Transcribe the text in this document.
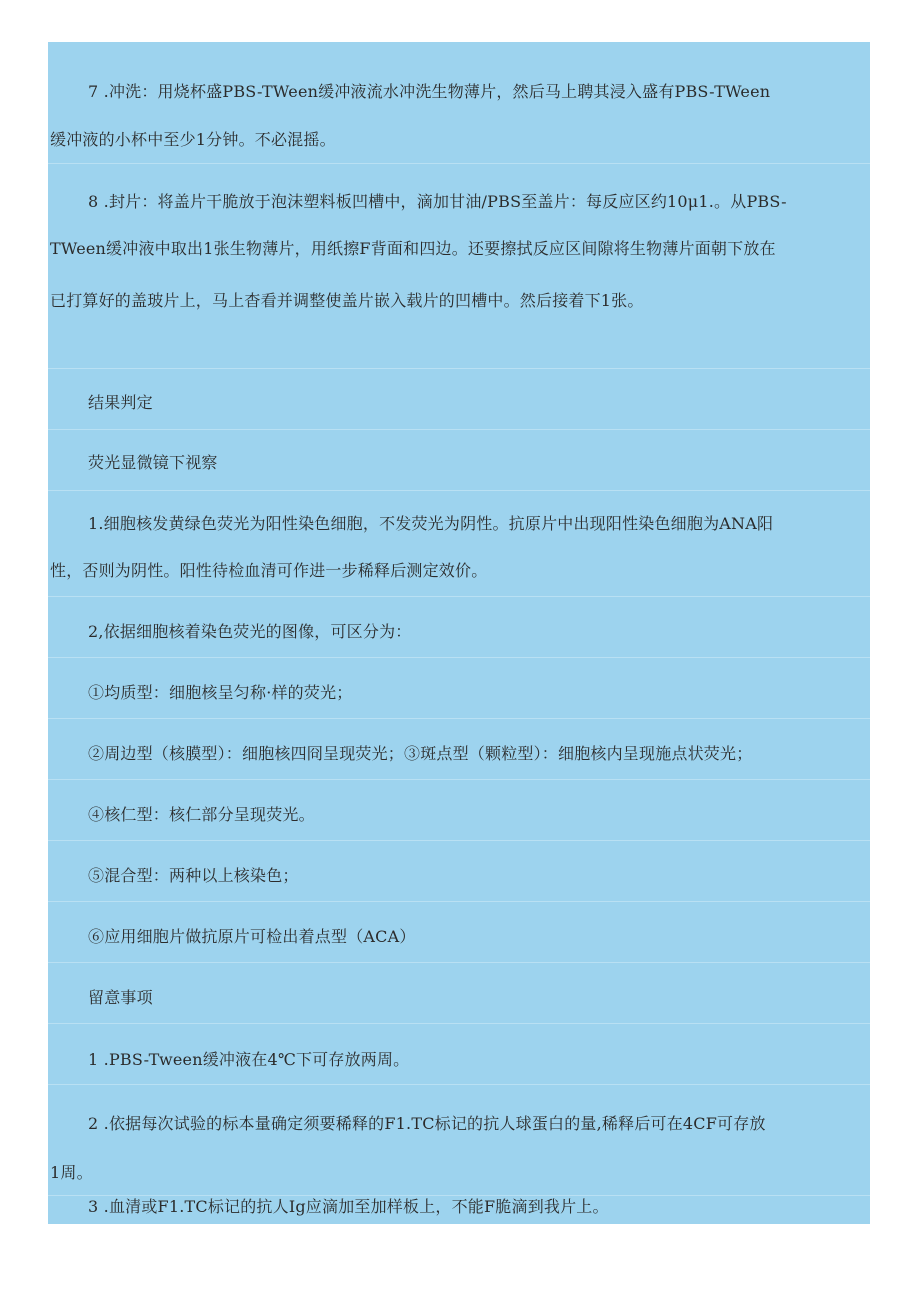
7 .冲洗：用烧杯盛PBS-TWeen缓冲液流水冲洗生物薄片，然后马上聘其浸入盛有PBS-TWeen
缓冲液的小杯中至少1分钟。不必混摇。
8 .封片：将盖片干脆放于泡沫塑料板凹槽中，滴加甘油/PBS至盖片：每反应区约10μ1.。从PBS-
TWeen缓冲液中取出1张生物薄片，用纸擦F背面和四边。还要擦拭反应区间隙将生物薄片面朝下放在
已打算好的盖玻片上，马上杳看并调整使盖片嵌入载片的凹槽中。然后接着下1张。
结果判定
荧光显微镜下视察
1.细胞核发黄绿色荧光为阳性染色细胞，不发荧光为阴性。抗原片中出现阳性染色细胞为ANA阳
性，否则为阴性。阳性待检血清可作进一步稀释后测定效价。
2,依据细胞核着染色荧光的图像，可区分为：
①均质型：细胞核呈匀称·样的荧光；
②周边型（核膜型）：细胞核四冏呈现荧光；③斑点型（颗粒型）：细胞核内呈现施点状荧光；
④核仁型：核仁部分呈现荧光。
⑤混合型：两种以上核染色；
⑥应用细胞片做抗原片可检出着点型（ACA）
留意事项
1 .PBS-Tween缓冲液在4℃下可存放两周。
2 .依据每次试验的标本量确定须要稀释的F1.TC标记的抗人球蛋白的量,稀释后可在4CF可存放
1周。
3 .血清或F1.TC标记的抗人Ig应滴加至加样板上，不能F脆滴到我片上。
